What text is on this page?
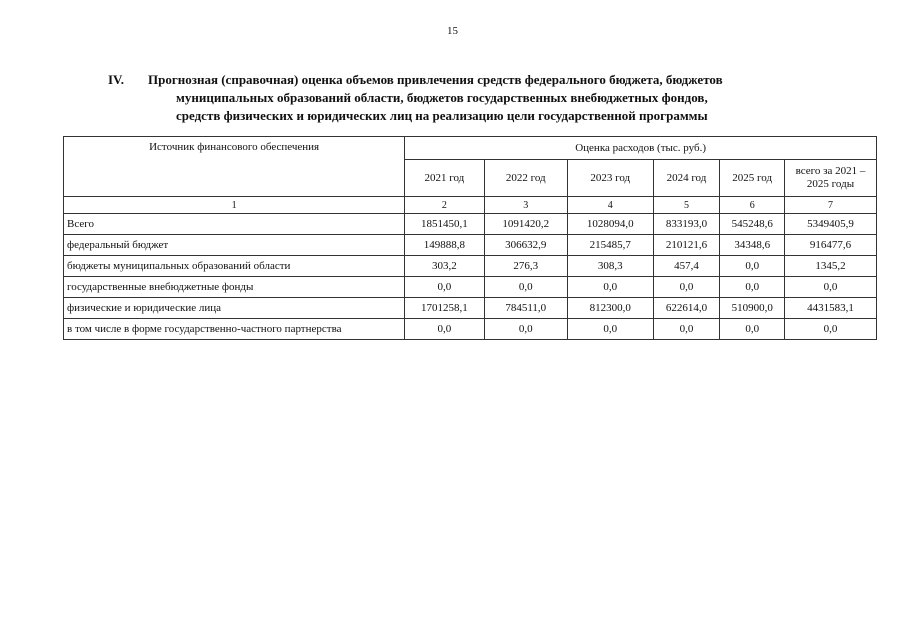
15
IV. Прогнозная (справочная) оценка объемов привлечения средств федерального бюджета, бюджетов
муниципальных образований области, бюджетов государственных внебюджетных фондов,
средств физических и юридических лиц на реализацию цели государственной программы
Источник финансового обеспечения	Оценка расходов (тыс. руб.)					
	2021 год	2022 год	2023 год	2024 год	2025 год	всего за 2021 – 2025 годы
1	2	3	4	5	6	7
Всего	1851450,1	1091420,2	1028094,0	833193,0	545248,6	5349405,9
федеральный бюджет	149888,8	306632,9	215485,7	210121,6	34348,6	916477,6
бюджеты муниципальных образований области	303,2	276,3	308,3	457,4	0,0	1345,2
государственные внебюджетные фонды	0,0	0,0	0,0	0,0	0,0	0,0
физические и юридические лица	1701258,1	784511,0	812300,0	622614,0	510900,0	4431583,1
в том числе в форме государственно-частного партнерства	0,0	0,0	0,0	0,0	0,0	0,0
